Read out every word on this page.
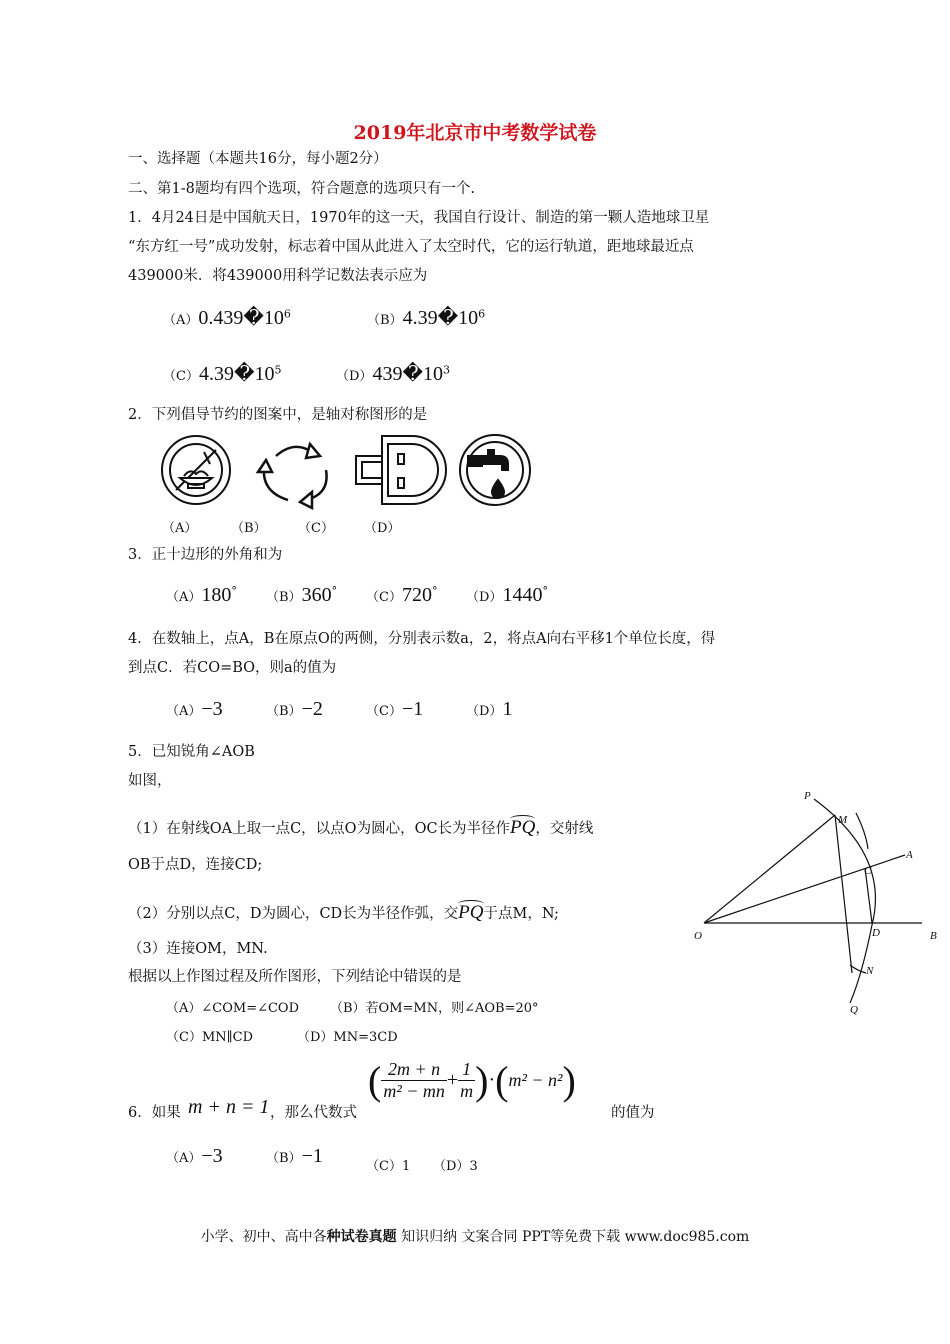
2019年北京市中考数学试卷
一、选择题（本题共16分，每小题2分）
二、第1-8题均有四个选项，符合题意的选项只有一个.
1．4月24日是中国航天日，1970年的这一天，我国自行设计、制造的第一颗人造地球卫星
“东方红一号”成功发射，标志着中国从此进入了太空时代，它的运行轨道，距地球最近点
439000米．将439000用科学记数法表示应为
$(A)0.439�10^6$	$(B)4.39�10^6$
$(C)4.39�10^5$	$(D)439�10^3$
2．下列倡导节约的图案中，是轴对称图形的是
（A）	（B） （C） （D）
3．正十边形的外角和为
（A）180° （B）360° （C）720° （D）1440°
4．在数轴上，点A，B在原点O的两侧，分别表示数a，2，将点A向右平移1个单位长度，得
到点C．若CO=BO，则a的值为
（A）−3	（B）−2	（C）−1	（D）1
5．已知锐角∠AOB
如图，
（1）在射线OA上取一点C，以点O为圆心，OC长为半径作PQ，交射线
OB于点D，连接CD;
（2）分别以点C，D为圆心，CD长为半径作弧，交PQ于点M，N;
（3）连接OM，MN.
根据以上作图过程及所作图形，下列结论中错误的是
（A）∠COM=∠COD （B）若OM=MN，则∠AOB=20°
（C）MN∥CD	（D）MN=3CD
P
M
A
C
O	D	B
N
Q
6．如果 m + n = 1 ，那么代数式
( $\frac{2m + n}{\text{m² − mn}} + \frac{1}{m} )\cdot(m^2 - n^2)$
的值为
（A）−3	（B）−1	（C）1 （D）3
小学、初中、高中各种试卷真题 知识归纳 文案合同 PPT等免费下载 www.doc985.com
